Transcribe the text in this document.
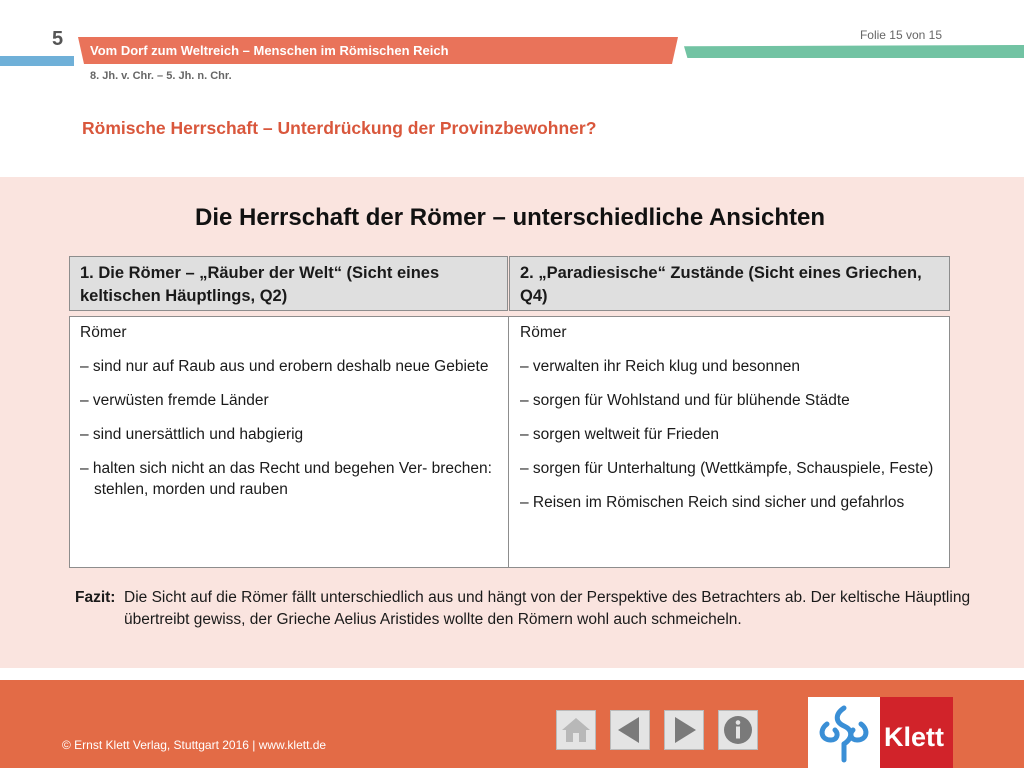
5
Vom Dorf zum Weltreich – Menschen im Römischen Reich
Folie 15 von 15
8. Jh. v. Chr. – 5. Jh. n. Chr.
Römische Herrschaft – Unterdrückung der Provinzbewohner?
Die Herrschaft der Römer – unterschiedliche Ansichten
1. Die Römer – „Räuber der Welt“ (Sicht eines keltischen Häuptlings, Q2)
2. „Paradiesische“ Zustände (Sicht eines Griechen, Q4)

Römer

– sind nur auf Raub aus und erobern deshalb neue Gebiete

– verwüsten fremde Länder

– sind unersättlich und habgierig

– halten sich nicht an das Recht und begehen Ver- brechen: stehlen, morden und rauben

Römer

– verwalten ihr Reich klug und besonnen

– sorgen für Wohlstand und für blühende Städte

– sorgen weltweit für Frieden

– sorgen für Unterhaltung (Wettkämpfe, Schauspiele, Feste)

– Reisen im Römischen Reich sind sicher und gefahrlos

Fazit: Die Sicht auf die Römer fällt unterschiedlich aus und hängt von der Perspektive des Betrachters ab. Der keltische Häuptling übertreibt gewiss, der Grieche Aelius Aristides wollte den Römern wohl auch schmeicheln.
© Ernst Klett Verlag, Stuttgart 2016 | www.klett.de	Klett
